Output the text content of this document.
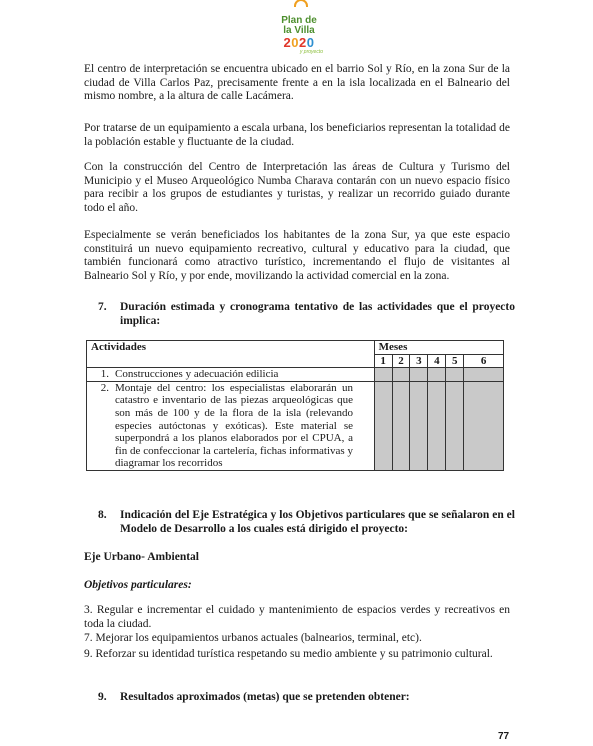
Plan de
la Villa
2020
y proyecto
El centro de interpretación se encuentra ubicado en el barrio Sol y Río, en la zona Sur de la ciudad de Villa Carlos Paz, precisamente frente a en la isla localizada en el Balneario del mismo nombre, a la altura de calle Lacámera.
Por tratarse de un equipamiento a escala urbana, los beneficiarios representan la totalidad de la población estable y fluctuante de la ciudad.
Con la construcción del Centro de Interpretación las áreas de Cultura y Turismo del Municipio y el Museo Arqueológico Numba Charava contarán con un nuevo espacio físico para recibir a los grupos de estudiantes y turistas, y realizar un recorrido guiado durante todo el año.
Especialmente se verán beneficiados los habitantes de la zona Sur, ya que este espacio constituirá un nuevo equipamiento recreativo, cultural y educativo para la ciudad, que también funcionará como atractivo turístico, incrementando el flujo de visitantes al Balneario Sol y Río, y por ende, movilizando la actividad comercial en la zona.
7. Duración estimada y cronograma tentativo de las actividades que el proyecto implica:
Actividades	Meses					
	1	2	3	4	5	6
1. Construcciones y adecuación edilicia						
2. Montaje del centro: los especialistas elaborarán un catastro e inventario de las piezas arqueológicas que son más de 100 y de la flora de la isla (relevando especies autóctonas y exóticas). Este material se superpondrá a los planos elaborados por el CPUA, a fin de confeccionar la cartelería, fichas informativas y diagramar los recorridos						
8. Indicación del Eje Estratégica y los Objetivos particulares que se señalaron en el Modelo de Desarrollo a los cuales está dirigido el proyecto:
Eje Urbano- Ambiental
Objetivos particulares:
3. Regular e incrementar el cuidado y mantenimiento de espacios verdes y recreativos en toda la ciudad.
7. Mejorar los equipamientos urbanos actuales (balnearios, terminal, etc).
9. Reforzar su identidad turística respetando su medio ambiente y su patrimonio cultural.
9. Resultados aproximados (metas) que se pretenden obtener:
77
